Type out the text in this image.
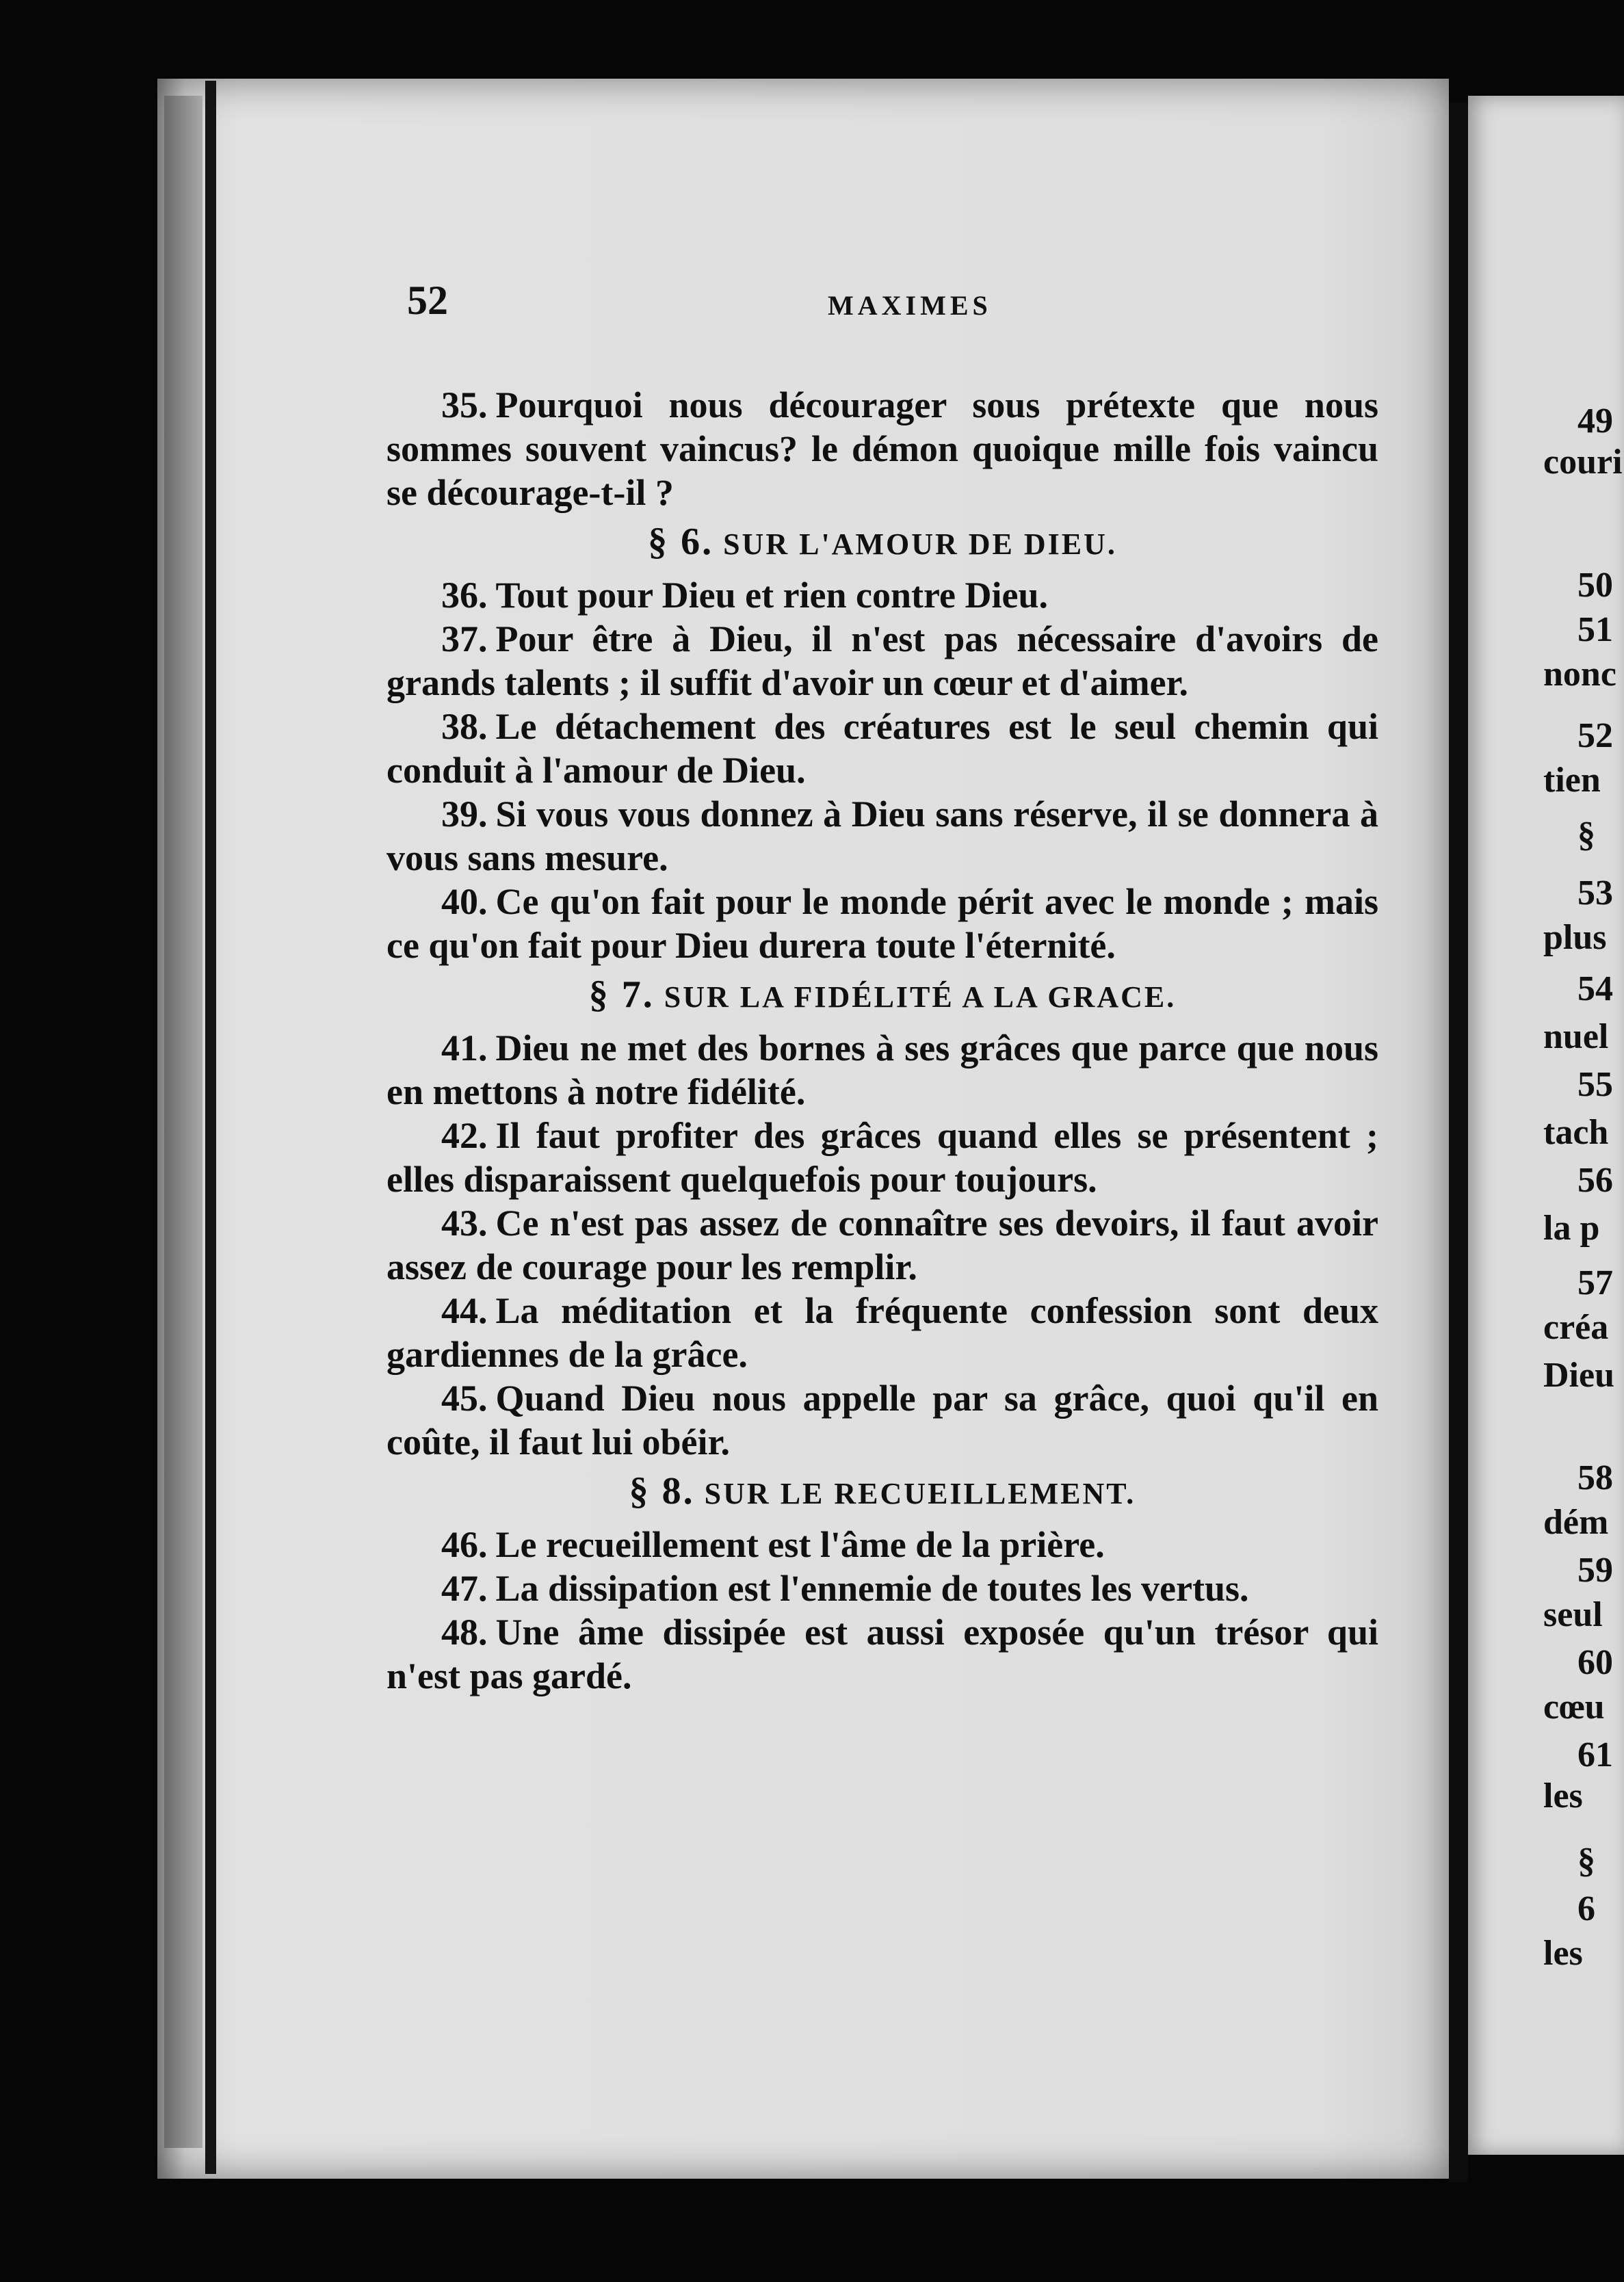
49
couri
50
51
nonc
52
tien
§
53
plus
54
nuel
55
tach
56
la p
57
créa
Dieu
58
dém
59
seul
60
cœu
61
les
§
6
les
52	MAXIMES

35. Pourquoi nous décourager sous prétexte que nous sommes souvent vaincus? le démon quoique mille fois vaincu se décourage-t-il ?

§ 6. SUR L'AMOUR DE DIEU.

36. Tout pour Dieu et rien contre Dieu.

37. Pour être à Dieu, il n'est pas nécessaire d'avoirs de grands talents ; il suffit d'avoir un cœur et d'aimer.

38. Le détachement des créatures est le seul chemin qui conduit à l'amour de Dieu.

39. Si vous vous donnez à Dieu sans réserve, il se donnera à vous sans mesure.

40. Ce qu'on fait pour le monde périt avec le monde ; mais ce qu'on fait pour Dieu durera toute l'éternité.

§ 7. SUR LA FIDÉLITÉ A LA GRACE.

41. Dieu ne met des bornes à ses grâces que parce que nous en mettons à notre fidélité.

42. Il faut profiter des grâces quand elles se présentent ; elles disparaissent quelquefois pour toujours.

43. Ce n'est pas assez de connaître ses devoirs, il faut avoir assez de courage pour les remplir.

44. La méditation et la fréquente confession sont deux gardiennes de la grâce.

45. Quand Dieu nous appelle par sa grâce, quoi qu'il en coûte, il faut lui obéir.

§ 8. SUR LE RECUEILLEMENT.

46. Le recueillement est l'âme de la prière.

47. La dissipation est l'ennemie de toutes les vertus.

48. Une âme dissipée est aussi exposée qu'un trésor qui n'est pas gardé.
